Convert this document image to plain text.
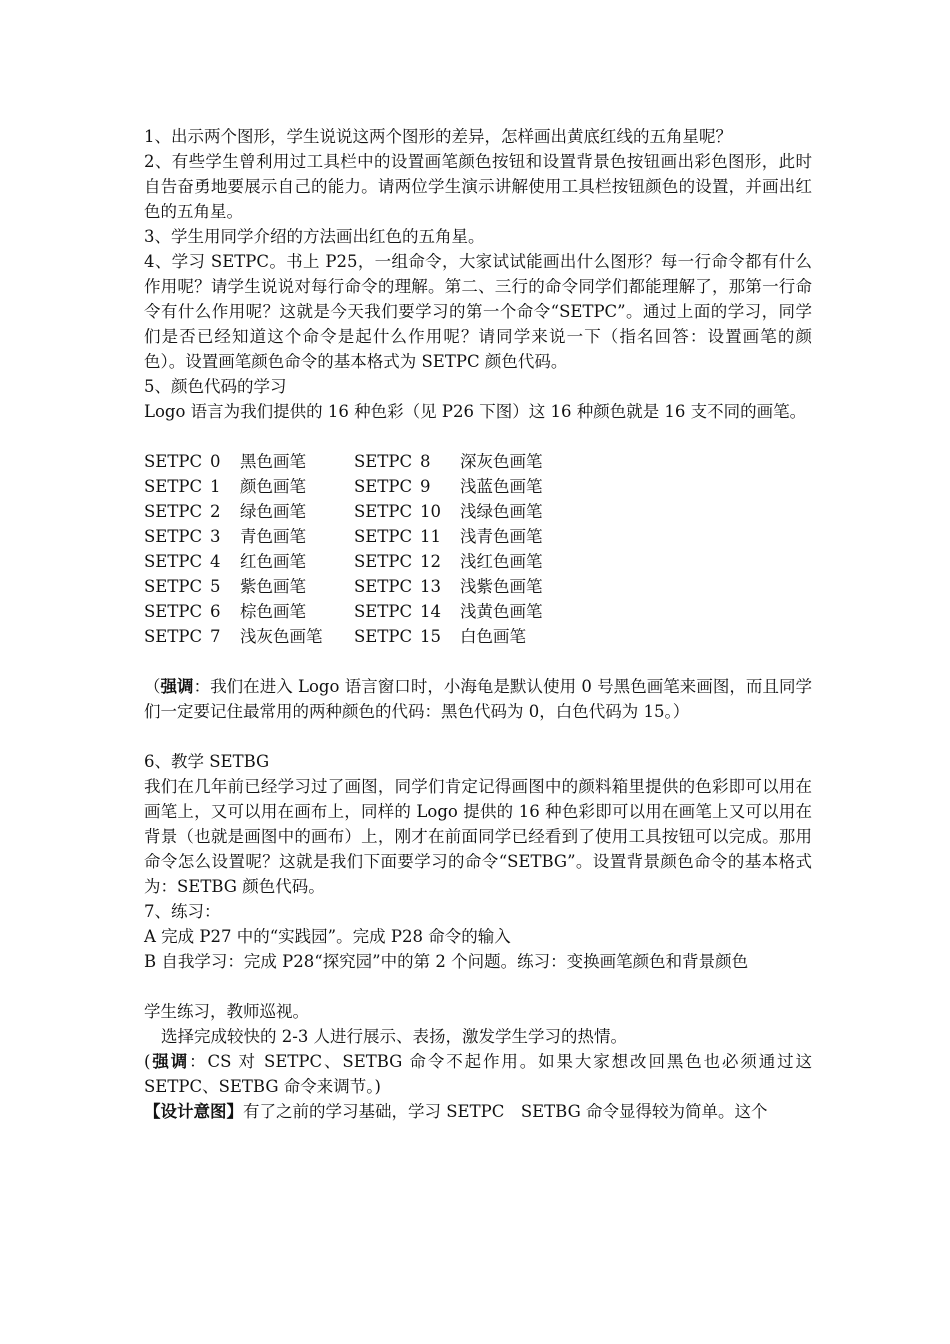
1、出示两个图形，学生说说这两个图形的差异，怎样画出黄底红线的五角星呢？

2、有些学生曾利用过工具栏中的设置画笔颜色按钮和设置背景色按钮画出彩色图形，此时自告奋勇地要展示自己的能力。请两位学生演示讲解使用工具栏按钮颜色的设置，并画出红色的五角星。

3、学生用同学介绍的方法画出红色的五角星。

4、学习 SETPC。书上 P25，一组命令，大家试试能画出什么图形？每一行命令都有什么作用呢？请学生说说对每行命令的理解。第二、三行的命令同学们都能理解了，那第一行命令有什么作用呢？这就是今天我们要学习的第一个命令“SETPC”。通过上面的学习，同学们是否已经知道这个命令是起什么作用呢？请同学来说一下（指名回答：设置画笔的颜色）。设置画笔颜色命令的基本格式为 SETPC 颜色代码。

5、颜色代码的学习

Logo 语言为我们提供的 16 种色彩（见 P26 下图）这 16 种颜色就是 16 支不同的画笔。

SETPC	0	黑色画笔	SETPC	8	深灰色画笔
SETPC	1	颜色画笔	SETPC	9	浅蓝色画笔
SETPC	2	绿色画笔	SETPC	10	浅绿色画笔
SETPC	3	青色画笔	SETPC	11	浅青色画笔
SETPC	4	红色画笔	SETPC	12	浅红色画笔
SETPC	5	紫色画笔	SETPC	13	浅紫色画笔
SETPC	6	棕色画笔	SETPC	14	浅黄色画笔
SETPC	7	浅灰色画笔	SETPC	15	白色画笔

（强调：我们在进入 Logo 语言窗口时，小海龟是默认使用 0 号黑色画笔来画图，而且同学们一定要记住最常用的两种颜色的代码：黑色代码为 0，白色代码为 15。）

6、教学 SETBG

我们在几年前已经学习过了画图，同学们肯定记得画图中的颜料箱里提供的色彩即可以用在画笔上，又可以用在画布上，同样的 Logo 提供的 16 种色彩即可以用在画笔上又可以用在背景（也就是画图中的画布）上，刚才在前面同学已经看到了使用工具按钮可以完成。那用命令怎么设置呢？这就是我们下面要学习的命令“SETBG”。设置背景颜色命令的基本格式为：SETBG 颜色代码。

7、练习：

A 完成 P27 中的“实践园”。完成 P28 命令的输入

B 自我学习：完成 P28“探究园”中的第 2 个问题。练习：变换画笔颜色和背景颜色

学生练习，教师巡视。

选择完成较快的 2-3 人进行展示、表扬，激发学生学习的热情。

(强调：CS 对 SETPC、SETBG 命令不起作用。如果大家想改回黑色也必须通过这 SETPC、SETBG 命令来调节。)

【设计意图】有了之前的学习基础，学习 SETPC　SETBG 命令显得较为简单。这个
